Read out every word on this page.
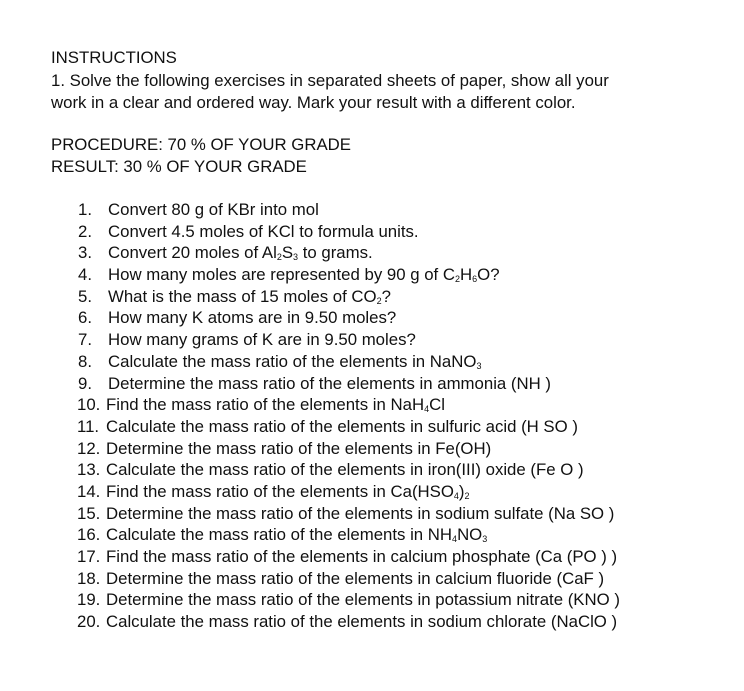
INSTRUCTIONS
1. Solve the following exercises in separated sheets of paper, show all your
work in a clear and ordered way. Mark your result with a different color.
PROCEDURE: 70 % OF YOUR GRADE
RESULT: 30 % OF YOUR GRADE
1. Convert 80 g of KBr into mol
2. Convert 4.5 moles of KCl to formula units.
3. Convert 20 moles of $Al_2S_3$ to grams.
4. How many moles are represented by 90 g of $C_2H_6O$?
5. What is the mass of 15 moles of $CO_2$?
6. How many K atoms are in 9.50 moles?
7. How many grams of K are in 9.50 moles?
8. Calculate the mass ratio of the elements in NaNO$_3$
9. Determine the mass ratio of the elements in ammonia (NH )
10. Find the mass ratio of the elements in NaH$_4$Cl
11. Calculate the mass ratio of the elements in sulfuric acid (H SO )
12. Determine the mass ratio of the elements in Fe(OH)
13. Calculate the mass ratio of the elements in iron(III) oxide (Fe O )
14. Find the mass ratio of the elements in $Ca(HSO_4)_2$
15. Determine the mass ratio of the elements in sodium sulfate (Na SO )
16. Calculate the mass ratio of the elements in $NH_4NO_3$
17. Find the mass ratio of the elements in calcium phosphate (Ca (PO ) )
18. Determine the mass ratio of the elements in calcium fluoride (CaF )
19. Determine the mass ratio of the elements in potassium nitrate (KNO )
20. Calculate the mass ratio of the elements in sodium chlorate (NaClO )
